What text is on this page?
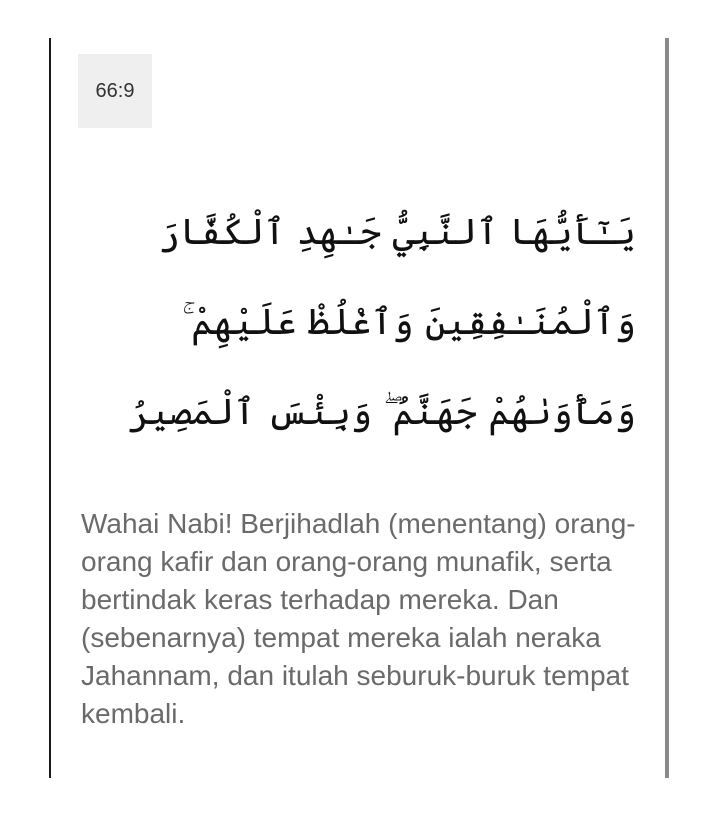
66:9
يَـٰٓأَيُّهَا ٱلنَّبِيُّ جَـٰهِدِ ٱلْكُفَّارَ وَٱلْمُنَـٰفِقِينَ وَٱغْلُظْ عَلَيْهِمْ ۚ وَمَأْوَىٰهُمْ جَهَنَّمُ ۖ وَبِئْسَ ٱلْمَصِيرُ

Wahai Nabi! Berjihadlah (menentang) orang-orang kafir dan orang-orang munafik, serta bertindak keras terhadap mereka. Dan (sebenarnya) tempat mereka ialah neraka Jahannam, dan itulah seburuk-buruk tempat kembali.
